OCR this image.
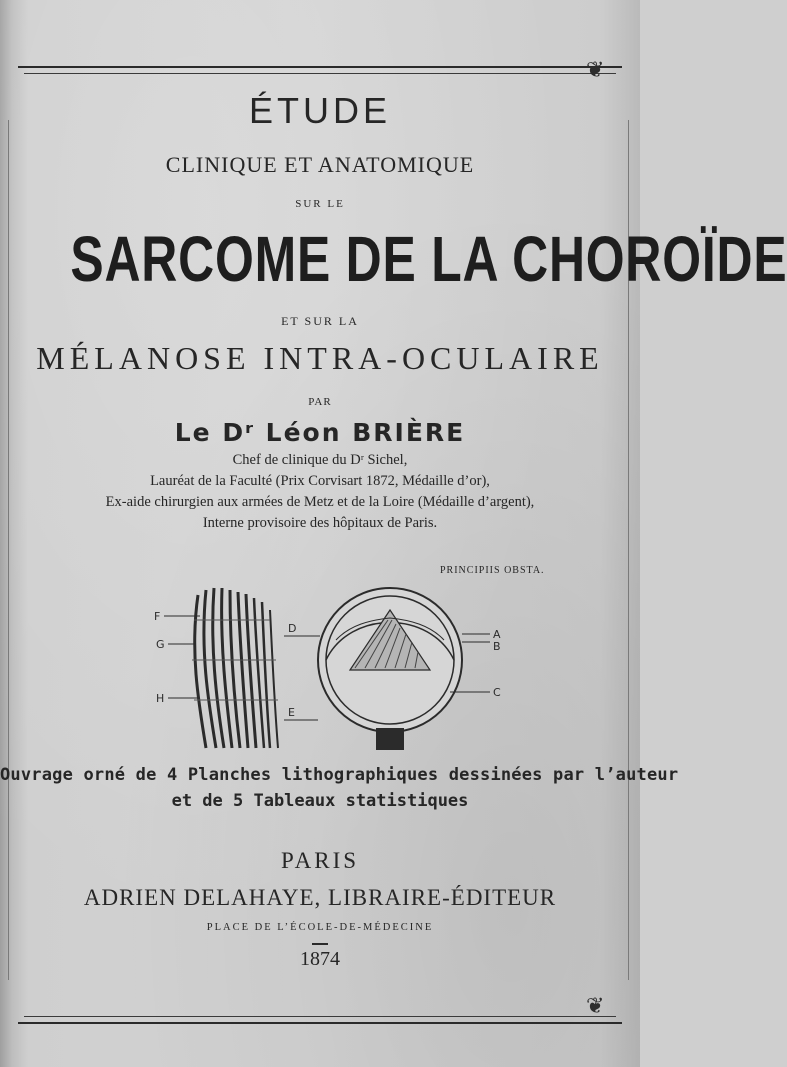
❦
❦
ÉTUDE
CLINIQUE ET ANATOMIQUE
SUR LE
SARCOME DE LA CHOROÏDE
ET SUR LA
MÉLANOSE INTRA-OCULAIRE
PAR
Le Dʳ Léon BRIÈRE
Chef de clinique du Dʳ Sichel,
Lauréat de la Faculté (Prix Corvisart 1872, Médaille d’or),
Ex-aide chirurgien aux armées de Metz et de la Loire (Médaille d’argent),
Interne provisoire des hôpitaux de Paris.
PRINCIPIIS OBSTA.
F
G
H
D
E
A
B
C
Ouvrage orné de 4 Planches lithographiques dessinées par l’auteur
et de 5 Tableaux statistiques
PARIS
ADRIEN DELAHAYE, LIBRAIRE-ÉDITEUR
PLACE DE L’ÉCOLE-DE-MÉDECINE
1874
